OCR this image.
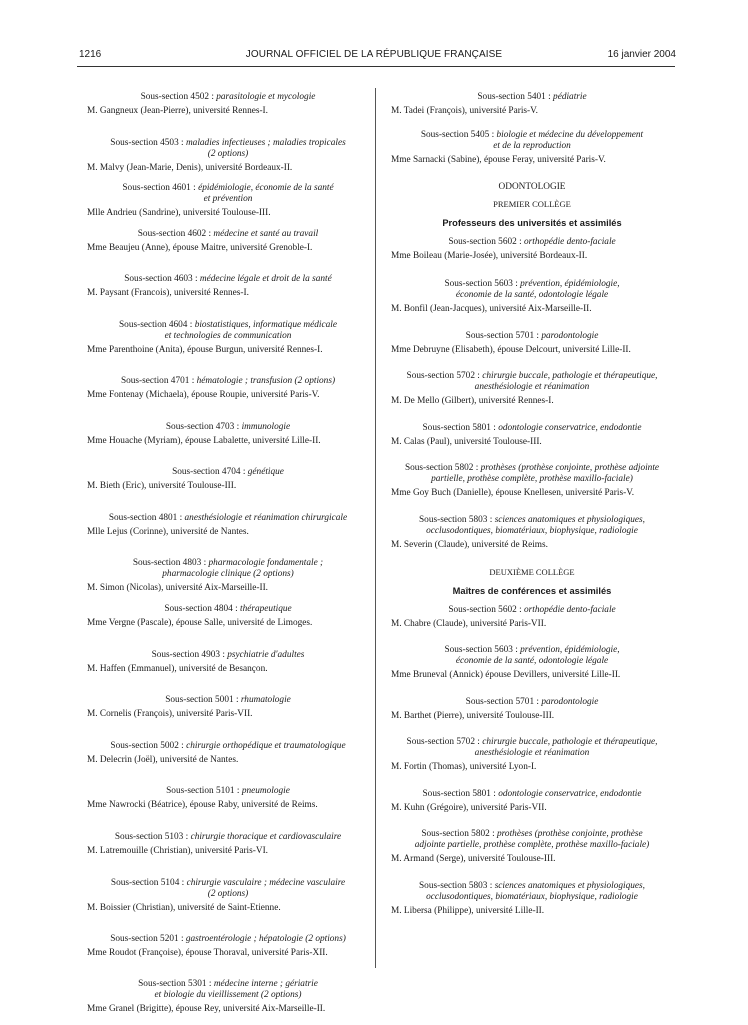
1216	JOURNAL OFFICIEL DE LA RÉPUBLIQUE FRANÇAISE	16 janvier 2004

Sous-section 4502 : parasitologie et mycologie

M. Gangneux (Jean-Pierre), université Rennes-I.

Sous-section 4503 : maladies infectieuses ; maladies tropicales
(2 options)

M. Malvy (Jean-Marie, Denis), université Bordeaux-II.

Sous-section 4601 : épidémiologie, économie de la santé
et prévention

Mlle Andrieu (Sandrine), université Toulouse-III.

Sous-section 4602 : médecine et santé au travail

Mme Beaujeu (Anne), épouse Maitre, université Grenoble-I.

Sous-section 4603 : médecine légale et droit de la santé

M. Paysant (Francois), université Rennes-I.

Sous-section 4604 : biostatistiques, informatique médicale
et technologies de communication

Mme Parenthoine (Anita), épouse Burgun, université Rennes-I.

Sous-section 4701 : hématologie ; transfusion (2 options)

Mme Fontenay (Michaela), épouse Roupie, université Paris-V.

Sous-section 4703 : immunologie

Mme Houache (Myriam), épouse Labalette, université Lille-II.

Sous-section 4704 : génétique

M. Bieth (Eric), université Toulouse-III.

Sous-section 4801 : anesthésiologie et réanimation chirurgicale

Mlle Lejus (Corinne), université de Nantes.

Sous-section 4803 : pharmacologie fondamentale ;
pharmacologie clinique (2 options)

M. Simon (Nicolas), université Aix-Marseille-II.

Sous-section 4804 : thérapeutique

Mme Vergne (Pascale), épouse Salle, université de Limoges.

Sous-section 4903 : psychiatrie d'adultes

M. Haffen (Emmanuel), université de Besançon.

Sous-section 5001 : rhumatologie

M. Cornelis (François), université Paris-VII.

Sous-section 5002 : chirurgie orthopédique et traumatologique

M. Delecrin (Joël), université de Nantes.

Sous-section 5101 : pneumologie

Mme Nawrocki (Béatrice), épouse Raby, université de Reims.

Sous-section 5103 : chirurgie thoracique et cardiovasculaire

M. Latremouille (Christian), université Paris-VI.

Sous-section 5104 : chirurgie vasculaire ; médecine vasculaire
(2 options)

M. Boissier (Christian), université de Saint-Etienne.

Sous-section 5201 : gastroentérologie ; hépatologie (2 options)

Mme Roudot (Françoise), épouse Thoraval, université Paris-XII.

Sous-section 5301 : médecine interne ; gériatrie
et biologie du vieillissement (2 options)

Mme Granel (Brigitte), épouse Rey, université Aix-Marseille-II.

Sous-section 5401 : pédiatrie

M. Tadei (François), université Paris-V.

Sous-section 5405 : biologie et médecine du développement
et de la reproduction

Mme Sarnacki (Sabine), épouse Feray, université Paris-V.

ODONTOLOGIE

PREMIER COLLÈGE

Professeurs des universités et assimilés

Sous-section 5602 : orthopédie dento-faciale

Mme Boileau (Marie-Josée), université Bordeaux-II.

Sous-section 5603 : prévention, épidémiologie,
économie de la santé, odontologie légale

M. Bonfil (Jean-Jacques), université Aix-Marseille-II.

Sous-section 5701 : parodontologie

Mme Debruyne (Elisabeth), épouse Delcourt, université Lille-II.

Sous-section 5702 : chirurgie buccale, pathologie et thérapeutique,
anesthésiologie et réanimation

M. De Mello (Gilbert), université Rennes-I.

Sous-section 5801 : odontologie conservatrice, endodontie

M. Calas (Paul), université Toulouse-III.

Sous-section 5802 : prothèses (prothèse conjointe, prothèse adjointe
partielle, prothèse complète, prothèse maxillo-faciale)

Mme Goy Buch (Danielle), épouse Knellesen, université Paris-V.

Sous-section 5803 : sciences anatomiques et physiologiques,
occlusodontiques, biomatériaux, biophysique, radiologie

M. Severin (Claude), université de Reims.

DEUXIÈME COLLÈGE

Maîtres de conférences et assimilés

Sous-section 5602 : orthopédie dento-faciale

M. Chabre (Claude), université Paris-VII.

Sous-section 5603 : prévention, épidémiologie,
économie de la santé, odontologie légale

Mme Bruneval (Annick) épouse Devillers, université Lille-II.

Sous-section 5701 : parodontologie

M. Barthet (Pierre), université Toulouse-III.

Sous-section 5702 : chirurgie buccale, pathologie et thérapeutique,
anesthésiologie et réanimation

M. Fortin (Thomas), université Lyon-I.

Sous-section 5801 : odontologie conservatrice, endodontie

M. Kuhn (Grégoire), université Paris-VII.

Sous-section 5802 : prothèses (prothèse conjointe, prothèse
adjointe partielle, prothèse complète, prothèse maxillo-faciale)

M. Armand (Serge), université Toulouse-III.

Sous-section 5803 : sciences anatomiques et physiologiques,
occlusodontiques, biomatériaux, biophysique, radiologie

M. Libersa (Philippe), université Lille-II.
